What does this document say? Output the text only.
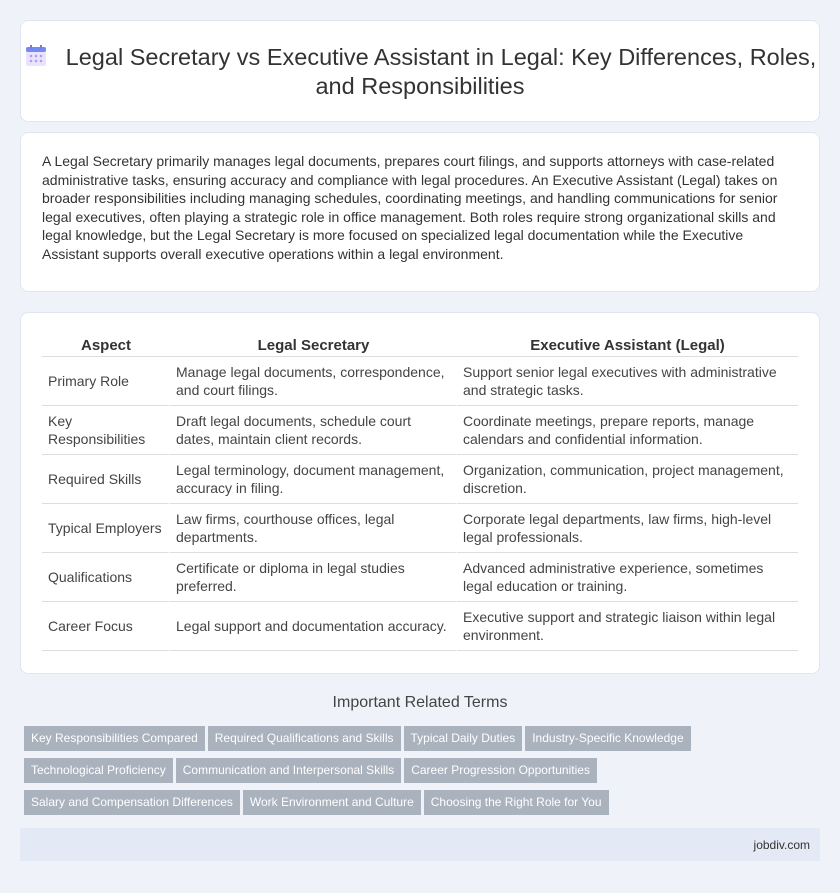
Legal Secretary vs Executive Assistant in Legal: Key Differences, Roles, and Responsibilities

A Legal Secretary primarily manages legal documents, prepares court filings, and supports attorneys with case-related administrative tasks, ensuring accuracy and compliance with legal procedures. An Executive Assistant (Legal) takes on broader responsibilities including managing schedules, coordinating meetings, and handling communications for senior legal executives, often playing a strategic role in office management. Both roles require strong organizational skills and legal knowledge, but the Legal Secretary is more focused on specialized legal documentation while the Executive Assistant supports overall executive operations within a legal environment.

Aspect	Legal Secretary	Executive Assistant (Legal)
Primary Role	Manage legal documents, correspondence, and court filings.	Support senior legal executives with administrative and strategic tasks.
Key Responsibilities	Draft legal documents, schedule court dates, maintain client records.	Coordinate meetings, prepare reports, manage calendars and confidential information.
Required Skills	Legal terminology, document management, accuracy in filing.	Organization, communication, project management, discretion.
Typical Employers	Law firms, courthouse offices, legal departments.	Corporate legal departments, law firms, high-level legal professionals.
Qualifications	Certificate or diploma in legal studies preferred.	Advanced administrative experience, sometimes legal education or training.
Career Focus	Legal support and documentation accuracy.	Executive support and strategic liaison within legal environment.
Important Related Terms
Key Responsibilities Compared Required Qualifications and Skills Typical Daily Duties Industry-Specific Knowledge
Technological Proficiency Communication and Interpersonal Skills Career Progression Opportunities
Salary and Compensation Differences Work Environment and Culture Choosing the Right Role for You
jobdiv.com
